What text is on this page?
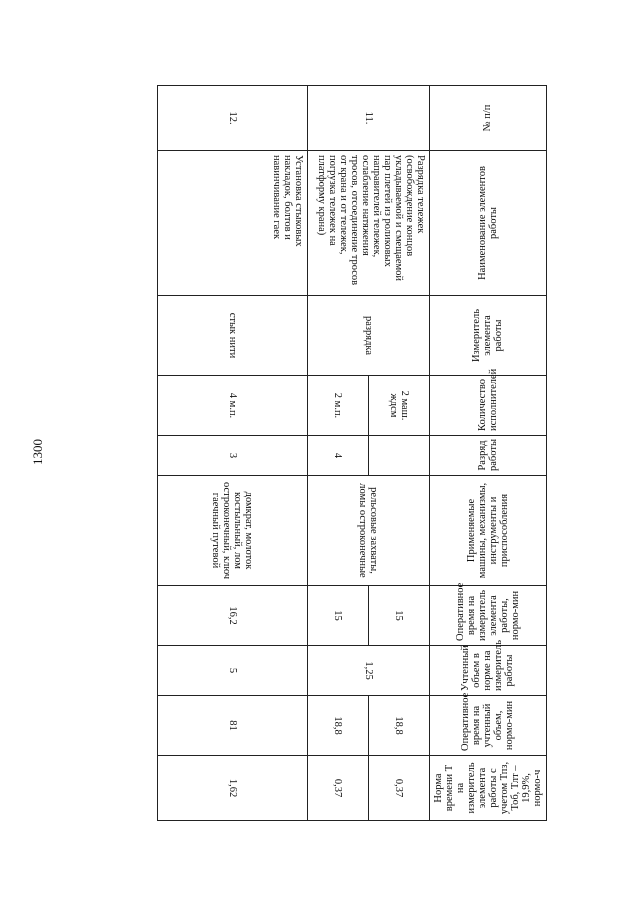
1300
№ п/п	Наименование элементов работы	Измеритель элемента работы	Количество исполнителей	Разряд работы	Применяемые машины, механизмы, инструменты и приспособления	Оперативное время на измеритель элемента работы, нормо-мин	Учтенный объем в норме на измеритель работы	Оперативное время на учтенный объем, нормо-мин	Норма времени Т на измеритель элемента работы с учетом Тпз, Тоб, Тлт – 19,9%, нормо-ч

11.	Разрядка тележек (освобождение концов укладываемой и смещаемой пар плетей из роликовых направителей тележек, ослабление натяжения тросов, отсоединение тросов от крана и от тележек, погрузка тележек на платформу крана)	разрядка	2 маш. ждсм		рельсовые захваты, ломы остроконечные	15	1,25	18,8	0,37
			2 м.п.	4		15		18,8	0,37
12.	Установка стыковых накладок, болтов и навинчивание гаек	стык нити	4 м.п.	3	домкрат, молоток костыльный, лом остроконечный, ключ гаечный путевой	16,2	5	81	1,62
